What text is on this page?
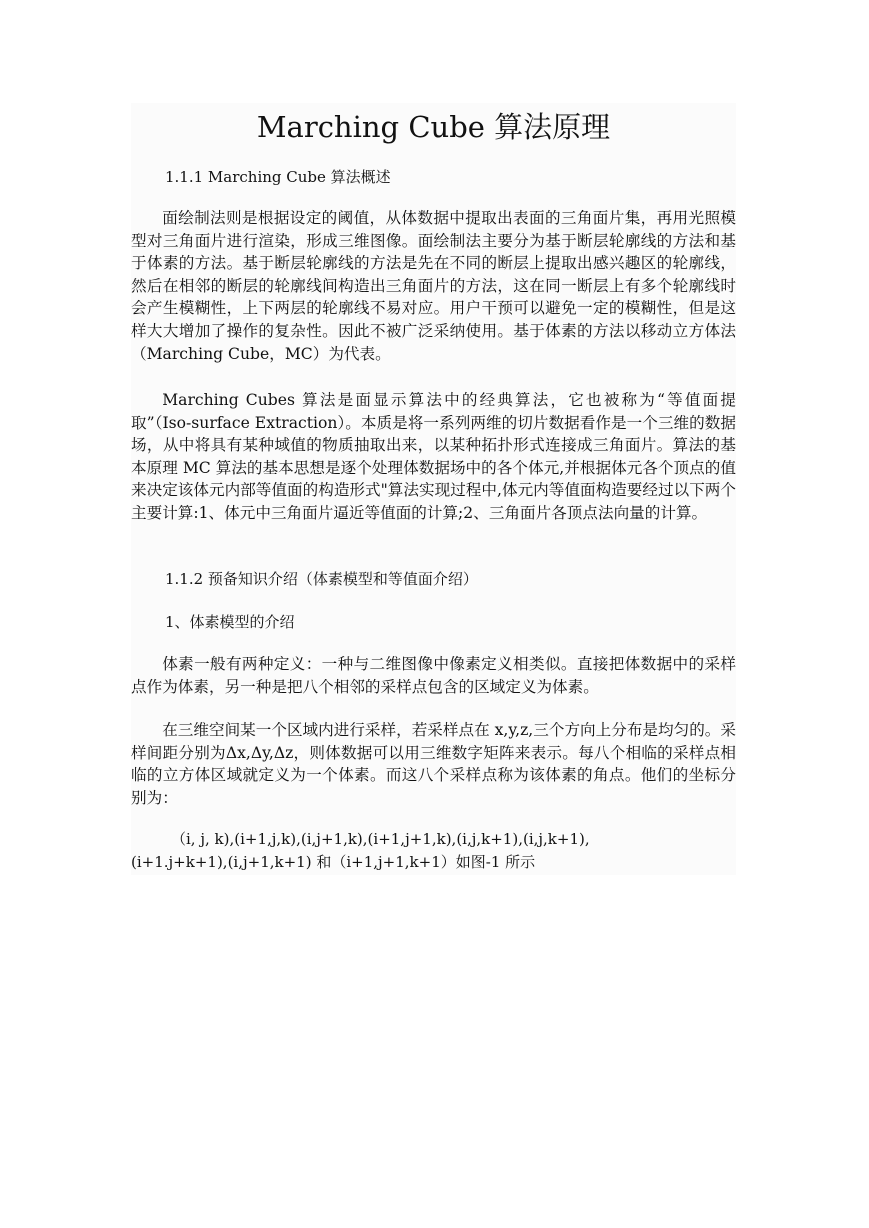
Marching Cube 算法原理

1.1.1 Marching Cube 算法概述

面绘制法则是根据设定的阈值，从体数据中提取出表面的三角面片集，再用光照模型对三角面片进行渲染，形成三维图像。面绘制法主要分为基于断层轮廓线的方法和基于体素的方法。基于断层轮廓线的方法是先在不同的断层上提取出感兴趣区的轮廓线，然后在相邻的断层的轮廓线间构造出三角面片的方法，这在同一断层上有多个轮廓线时会产生模糊性，上下两层的轮廓线不易对应。用户干预可以避免一定的模糊性，但是这样大大增加了操作的复杂性。因此不被广泛采纳使用。基于体素的方法以移动立方体法（Marching Cube，MC）为代表。

Marching Cubes 算法是面显示算法中的经典算法，它也被称为“等值面提取”（Iso-surface Extraction）。本质是将一系列两维的切片数据看作是一个三维的数据场，从中将具有某种域值的物质抽取出来，以某种拓扑形式连接成三角面片。算法的基本原理 MC 算法的基本思想是逐个处理体数据场中的各个体元,并根据体元各个顶点的值来决定该体元内部等值面的构造形式"算法实现过程中,体元内等值面构造要经过以下两个主要计算:1、体元中三角面片逼近等值面的计算;2、三角面片各顶点法向量的计算。

1.1.2 预备知识介绍（体素模型和等值面介绍）

1、体素模型的介绍

体素一般有两种定义：一种与二维图像中像素定义相类似。直接把体数据中的采样点作为体素，另一种是把八个相邻的采样点包含的区域定义为体素。

在三维空间某一个区域内进行采样，若采样点在 x,y,z,三个方向上分布是均匀的。采样间距分别为Δx,Δy,Δz，则体数据可以用三维数字矩阵来表示。每八个相临的采样点相临的立方体区域就定义为一个体素。而这八个采样点称为该体素的角点。他们的坐标分别为：

（i, j, k),(i+1,j,k),(i,j+1,k),(i+1,j+1,k),(i,j,k+1),(i,j,k+1),
(i+1.j+k+1),(i,j+1,k+1) 和（i+1,j+1,k+1）如图-1 所示
